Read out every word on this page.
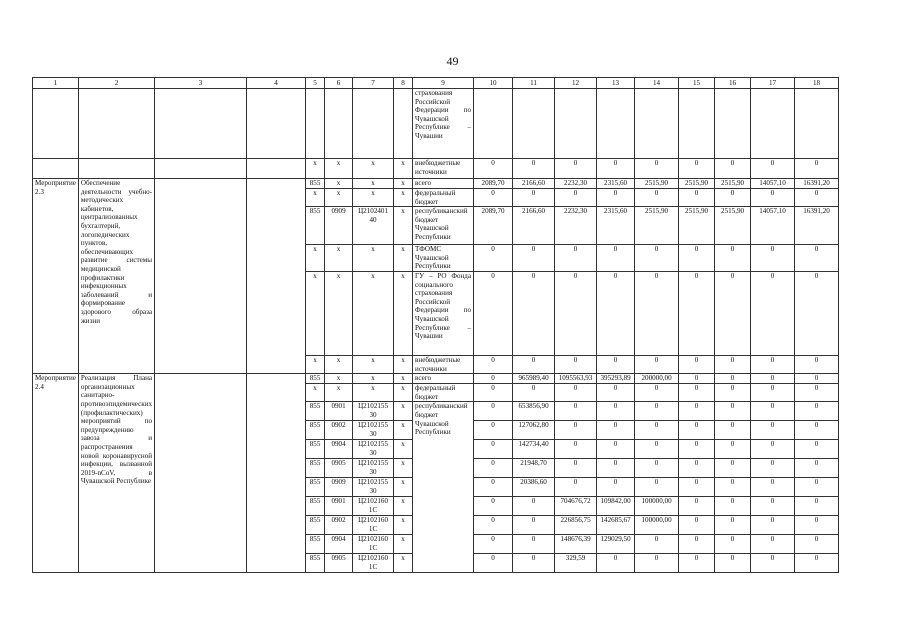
49
1	2	3	4	5	6	7	8	9	10	11	12	13	14	15	16	17	18
								страхования Российской Федерации по Чувашской Республике – Чувашии									
				х	х	х	х	внебюджетные источники	0	0	0	0	0	0	0	0	0
Мероприятие 2.3	Обеспечение деятельности учебно-методических кабинетов, централизованных бухгалтерий, логопедических пунктов, обеспечивающих развитие системы медицинской профилактики инфекционных заболеваний и формирование здорового образа жизни			855	х	х	х	всего	2089,70	2166,60	2232,30	2315,60	2515,90	2515,90	2515,90	14057,10	16391,20
				х	х	х	х	федеральный бюджет	0	0	0	0	0	0	0	0	0
				855	0909	Ц2102401 40	х	республиканский бюджет Чувашской Республики	2089,70	2166,60	2232,30	2315,60	2515,90	2515,90	2515,90	14057,10	16391,20
				х	х	х	х	ТФОМС Чувашской Республики	0	0	0	0	0	0	0	0	0
				х	х	х	х	ГУ – РО Фонда социального страхования Российской Федерации по Чувашской Республике – Чувашии	0	0	0	0	0	0	0	0	0
				х	х	х	х	внебюджетные источники	0	0	0	0	0	0	0	0	0
Мероприятие 2.4	Реализация Плана организационных санитарно-противоэпидемических (профилактических) мероприятий по предупреждению завоза и распространения новой коронавирусной инфекции, вызванной 2019-nCoV, в Чувашской Республике			855	х	х	х	всего	0	965989,40	1095563,93	395293,89	200000,00	0	0	0	0
				х	х	х	х	федеральный бюджет	0	0	0	0	0	0	0	0	0
				855	0901	Ц2102155 30	х	республиканский бюджет Чувашской Республики	0	653856,90	0	0	0	0	0	0	0
				855	0902	Ц2102155 30	х		0	127062,80	0	0	0	0	0	0	0
				855	0904	Ц2102155 30	х		0	142734,40	0	0	0	0	0	0	0
				855	0905	Ц2102155 30	х		0	21948,70	0	0	0	0	0	0	0
				855	0909	Ц2102155 30	х		0	20386,60	0	0	0	0	0	0	0
				855	0901	Ц2102160 1С	х		0	0	704676,72	109842,00	100000,00	0	0	0	0
				855	0902	Ц2102160 1С	х		0	0	226856,75	142685,67	100000,00	0	0	0	0
				855	0904	Ц2102160 1С	х		0	0	148676,39	129029,50	0	0	0	0	0
				855	0905	Ц2102160 1С	х		0	0	329,59	0	0	0	0	0	0
